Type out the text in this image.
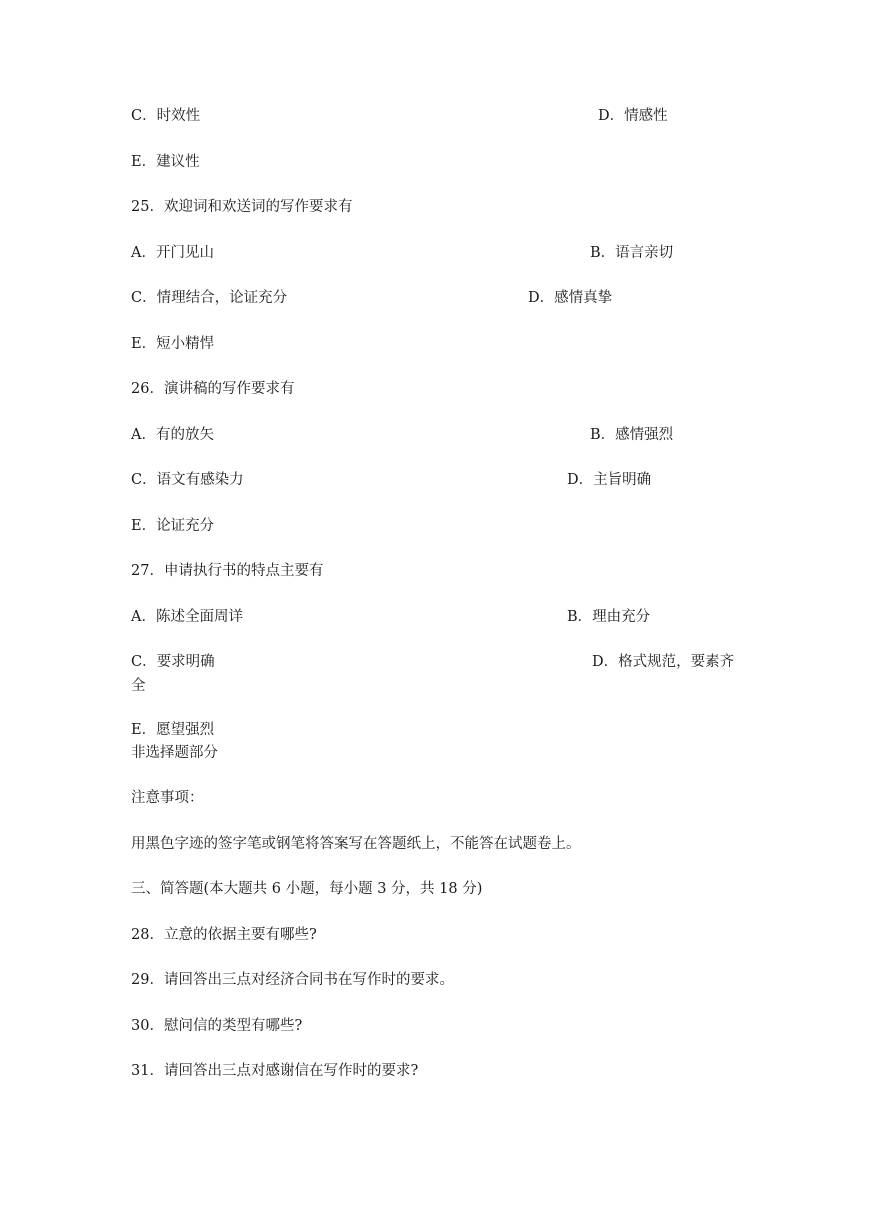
C．时效性	D．情感性
E．建议性
25．欢迎词和欢送词的写作要求有
A．开门见山	B．语言亲切
C．情理结合，论证充分	D．感情真挚
E．短小精悍
26．演讲稿的写作要求有
A．有的放矢	B．感情强烈
C．语文有感染力	D．主旨明确
E．论证充分
27．申请执行书的特点主要有
A．陈述全面周详	B．理由充分
C．要求明确	D．格式规范，要素齐
全
E．愿望强烈
非选择题部分
注意事项：
用黑色字迹的签字笔或钢笔将答案写在答题纸上，不能答在试题卷上。
三、简答题(本大题共 6 小题，每小题 3 分，共 18 分)
28．立意的依据主要有哪些?
29．请回答出三点对经济合同书在写作时的要求。
30．慰问信的类型有哪些?
31．请回答出三点对感谢信在写作时的要求?
